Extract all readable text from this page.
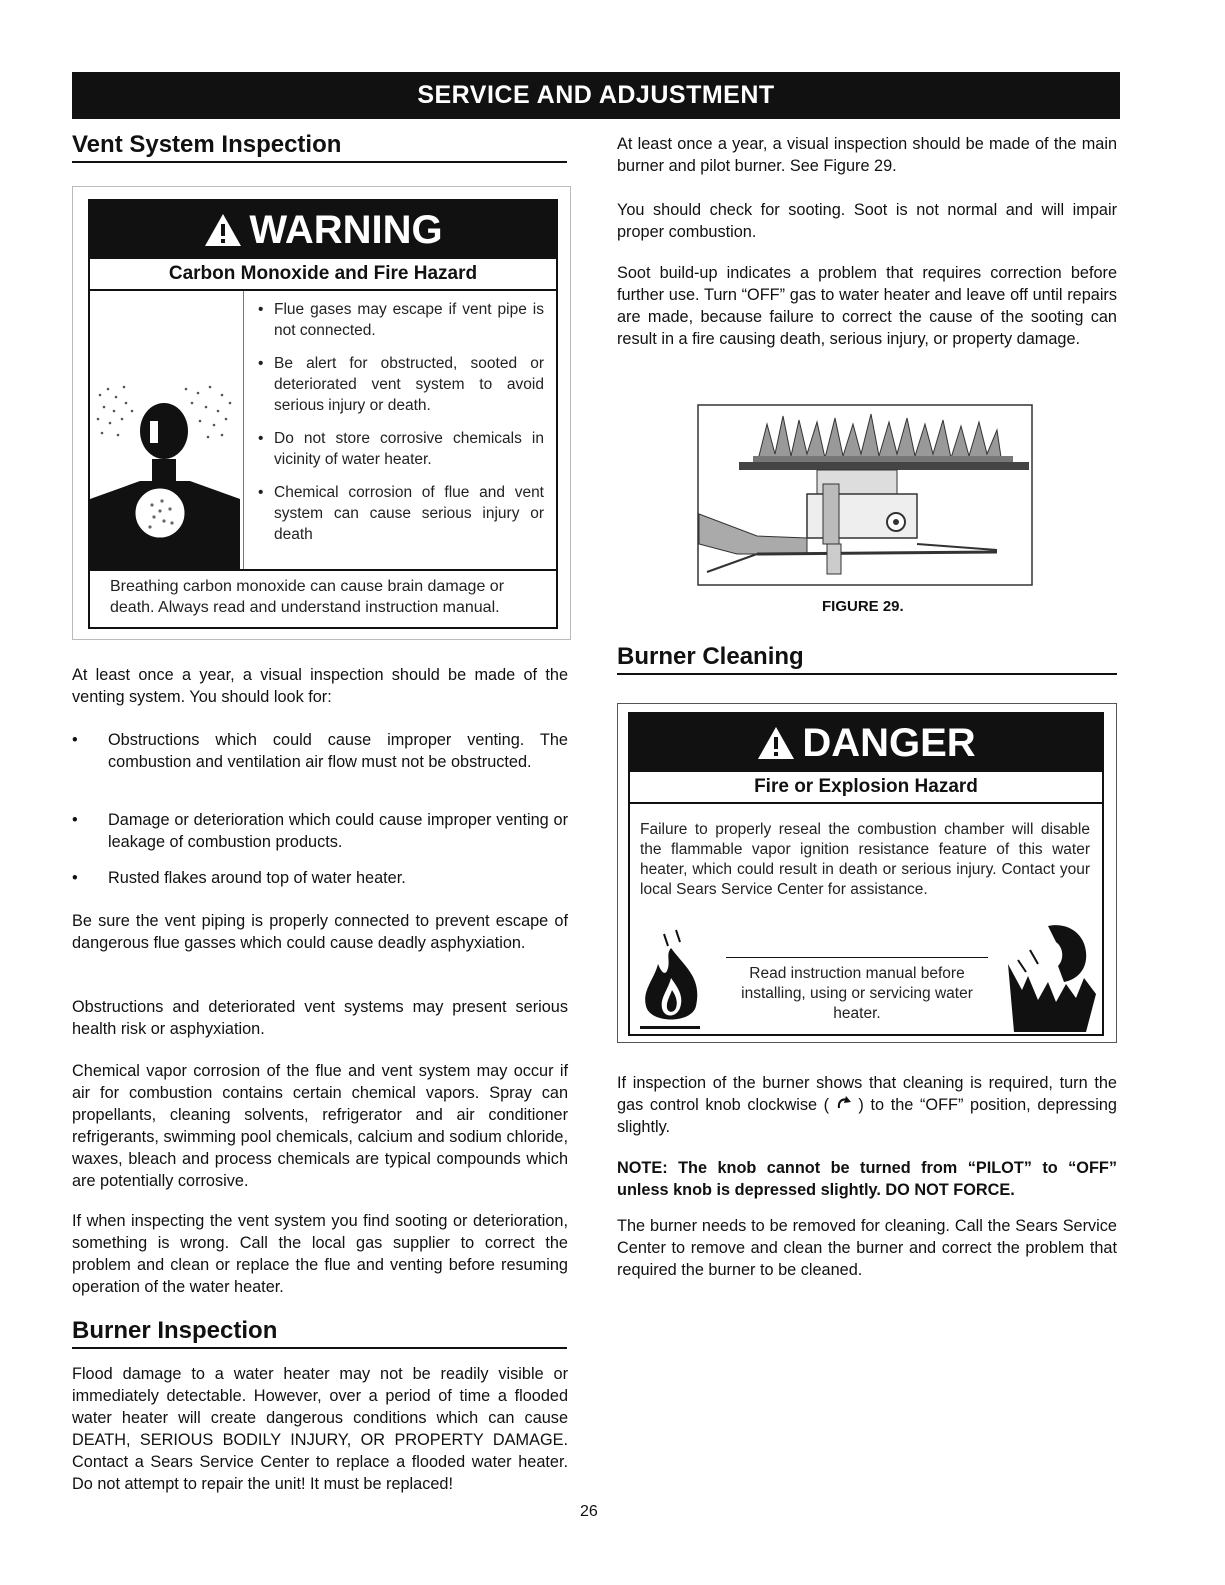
SERVICE AND ADJUSTMENT
Vent System Inspection
WARNING
Carbon Monoxide and Fire Hazard
• Flue gases may escape if vent pipe is not connected.
• Be alert for obstructed, sooted or deteriorated vent system to avoid serious injury or death.
• Do not store corrosive chemicals in vicinity of water heater.
• Chemical corrosion of flue and vent system can cause serious injury or death
Breathing carbon monoxide can cause brain damage or death. Always read and understand instruction manual.

At least once a year, a visual inspection should be made of the venting system. You should look for:

• Obstructions which could cause improper venting. The combustion and ventilation air flow must not be obstructed.
• Damage or deterioration which could cause improper venting or leakage of combustion products.
• Rusted flakes around top of water heater.

Be sure the vent piping is properly connected to prevent escape of dangerous flue gasses which could cause deadly asphyxiation.

Obstructions and deteriorated vent systems may present serious health risk or asphyxiation.

Chemical vapor corrosion of the flue and vent system may occur if air for combustion contains certain chemical vapors. Spray can propellants, cleaning solvents, refrigerator and air conditioner refrigerants, swimming pool chemicals, calcium and sodium chloride, waxes, bleach and process chemicals are typical compounds which are potentially corrosive.

If when inspecting the vent system you find sooting or deterioration, something is wrong. Call the local gas supplier to correct the problem and clean or replace the flue and venting before resuming operation of the water heater.

Burner Inspection

Flood damage to a water heater may not be readily visible or immediately detectable. However, over a period of time a flooded water heater will create dangerous conditions which can cause DEATH, SERIOUS BODILY INJURY, OR PROPERTY DAMAGE. Contact a Sears Service Center to replace a flooded water heater. Do not attempt to repair the unit! It must be replaced!

At least once a year, a visual inspection should be made of the main burner and pilot burner. See Figure 29.

You should check for sooting. Soot is not normal and will impair proper combustion.

Soot build-up indicates a problem that requires correction before further use. Turn “OFF” gas to water heater and leave off until repairs are made, because failure to correct the cause of the sooting can result in a fire causing death, serious injury, or property damage.

FIGURE 29.
Burner Cleaning
DANGER
Fire or Explosion Hazard
Failure to properly reseal the combustion chamber will disable the flammable vapor ignition resistance feature of this water heater, which could result in death or serious injury. Contact your local Sears Service Center for assistance.
Read instruction manual before installing, using or servicing water heater.

If inspection of the burner shows that cleaning is required, turn the gas control knob clockwise ( ) to the “OFF” position, depressing slightly.

NOTE: The knob cannot be turned from “PILOT” to “OFF” unless knob is depressed slightly. DO NOT FORCE.

The burner needs to be removed for cleaning. Call the Sears Service Center to remove and clean the burner and correct the problem that required the burner to be cleaned.

26
